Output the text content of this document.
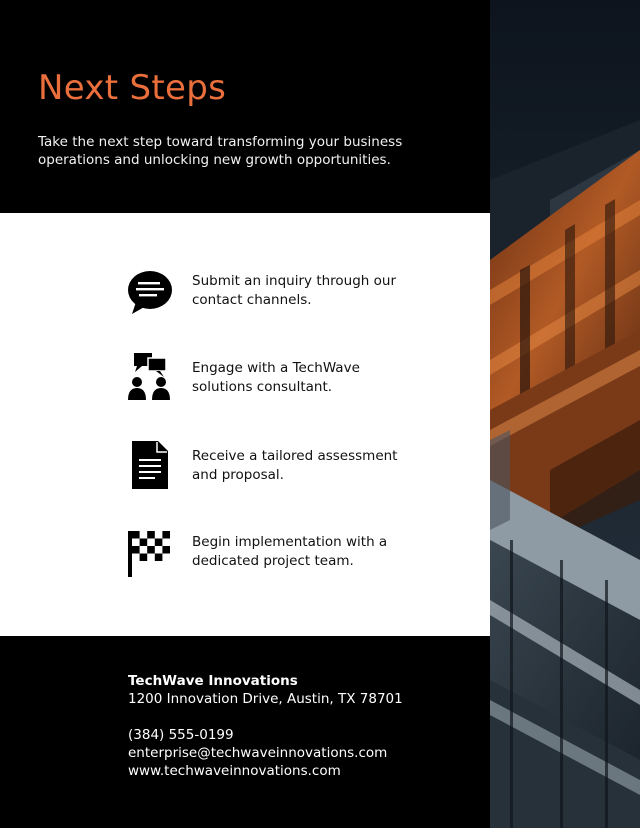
Next Steps

Take the next step toward transforming your business operations and unlocking new growth opportunities.

Submit an inquiry through our contact channels.
Engage with a TechWave solutions consultant.
Receive a tailored assessment and proposal.
Begin implementation with a dedicated project team.
TechWave Innovations
1200 Innovation Drive, Austin, TX 78701
(384) 555-0199
enterprise@techwaveinnovations.com
www.techwaveinnovations.com
